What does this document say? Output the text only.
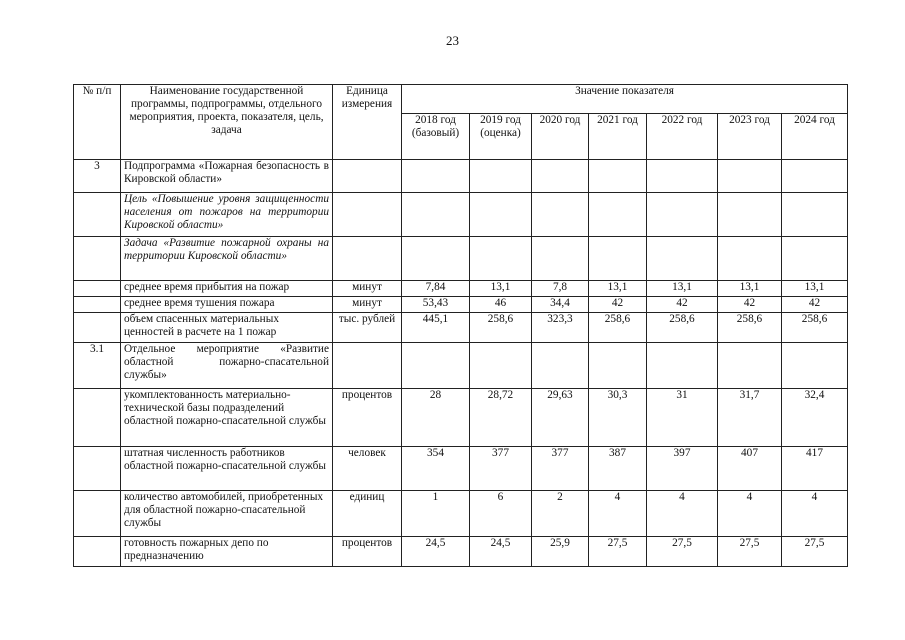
23
№ п/п	Наименование государственной программы, подпрограммы, отдельного мероприятия, проекта, показателя, цель, задача	Единица измерения	Значение показателя						
			2018 год (базовый)	2019 год (оценка)	2020 год	2021 год	2022 год	2023 год	2024 год
3	Подпрограмма «Пожарная безопасность в Кировской области»								
	Цель «Повышение уровня защищенности населения от пожаров на территории Кировской области»								
	Задача «Развитие пожарной охраны на территории Кировской области»								
	среднее время прибытия на пожар	минут	7,84	13,1	7,8	13,1	13,1	13,1	13,1
	среднее время тушения пожара	минут	53,43	46	34,4	42	42	42	42
	объем спасенных материальных ценностей в расчете на 1 пожар	тыс. рублей	445,1	258,6	323,3	258,6	258,6	258,6	258,6
3.1	Отдельное мероприятие «Развитие областной пожарно-спасательной службы»								
	укомплектованность материально-технической базы подразделений областной пожарно-спасательной службы	процентов	28	28,72	29,63	30,3	31	31,7	32,4
	штатная численность работников областной пожарно-спасательной службы	человек	354	377	377	387	397	407	417
	количество автомобилей, приобретенных для областной пожарно-спасательной службы	единиц	1	6	2	4	4	4	4
	готовность пожарных депо по предназначению	процентов	24,5	24,5	25,9	27,5	27,5	27,5	27,5
